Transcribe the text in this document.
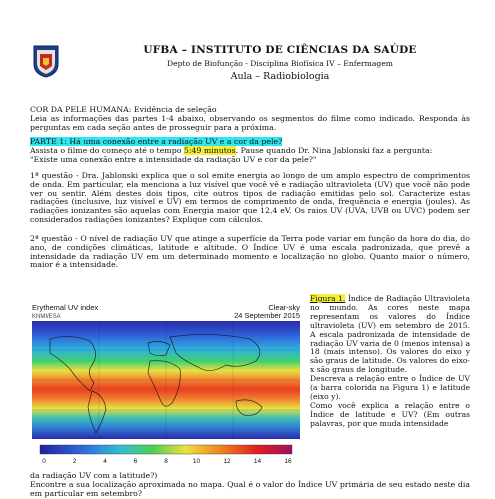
UFBA – INSTITUTO DE CIÊNCIAS DA SAÚDE
Depto de Biofunção - Disciplina Biofísica IV – Enfermagem
Aula – Radiobiologia

COR DA PELE HUMANA: Evidência de seleção

Leia as informações das partes 1-4 abaixo, observando os segmentos do filme como indicado. Responda às perguntas em cada seção antes de prosseguir para a próxima.

PARTE 1: Há uma conexão entre a radiação UV e a cor da pele?

Assista o filme do começo até o tempo 5:49 minutos. Pause quando Dr. Nina Jablonski faz a pergunta:

"Existe uma conexão entre a intensidade da radiação UV e cor da pele?"

1ª questão - Dra. Jablonski explica que o sol emite energia ao longo de um amplo espectro de comprimentos de onda. Em particular, ela menciona a luz visível que você vê e radiação ultravioleta (UV) que você não pode ver ou sentir. Além destes dois tipos, cite outros tipos de radiação emitidas pelo sol. Caracterize estas radiações (inclusive, luz visível e UV) em termos de comprimento de onda, frequência e energia (joules). As radiações ionizantes são aquelas com Energia maior que 12,4 eV. Os raios UV (UVA, UVB ou UVC) podem ser considerados radiações ionizantes? Explique com cálculos.

2ª questão - O nível de radiação UV que atinge a superfície da Terra pode variar em função da hora do dia, do ano, de condições climáticas, latitude e altitude. O Índice UV é uma escala padronizada, que prevê a intensidade da radiação UV em um determinado momento e localização no globo. Quanto maior o número, maior é a intensidade.

Erythemal UV index
KNMI/ESA
Clear-sky
24 September 2015
0	2	4	6	8	10	12	14	16

Figura 1. Índice de Radiação Ultravioleta no mundo. As cores neste mapa representam os valores do Índice ultravioleta (UV) em setembro de 2015. A escala padronizada de intensidade de radiação UV varia de 0 (menos intensa) a 18 (mais intenso). Os valores do eixo y são graus de latitude. Os valores do eixo-x são graus de longitude.

Descreva a relação entre o Índice de UV (a barra colorida na Figura 1) e latitude (eixo y).

Como você explica a relação entre o Índice de latitude e UV? (Em outras palavras, por que muda intensidade

da radiação UV com a latitude?)

Encontre a sua localização aproximada no mapa. Qual é o valor do Índice UV primária de seu estado neste dia em particular em setembro?
